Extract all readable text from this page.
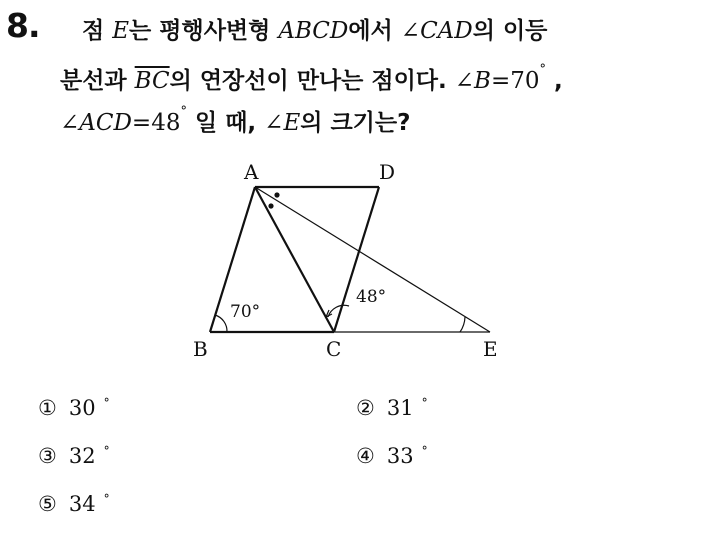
8. 점 E는 평행사변형 ABCD에서 ∠CAD의 이등
분선과 $\overline{BC}$의 연장선이 만나는 점이다. ∠B=70° ,
∠ACD=48° 일 때, ∠E의 크기는?
A	D
B	C	E
70°
48°
① 30 °	② 31 °
③ 32 °	④ 33 °
⑤ 34 °
